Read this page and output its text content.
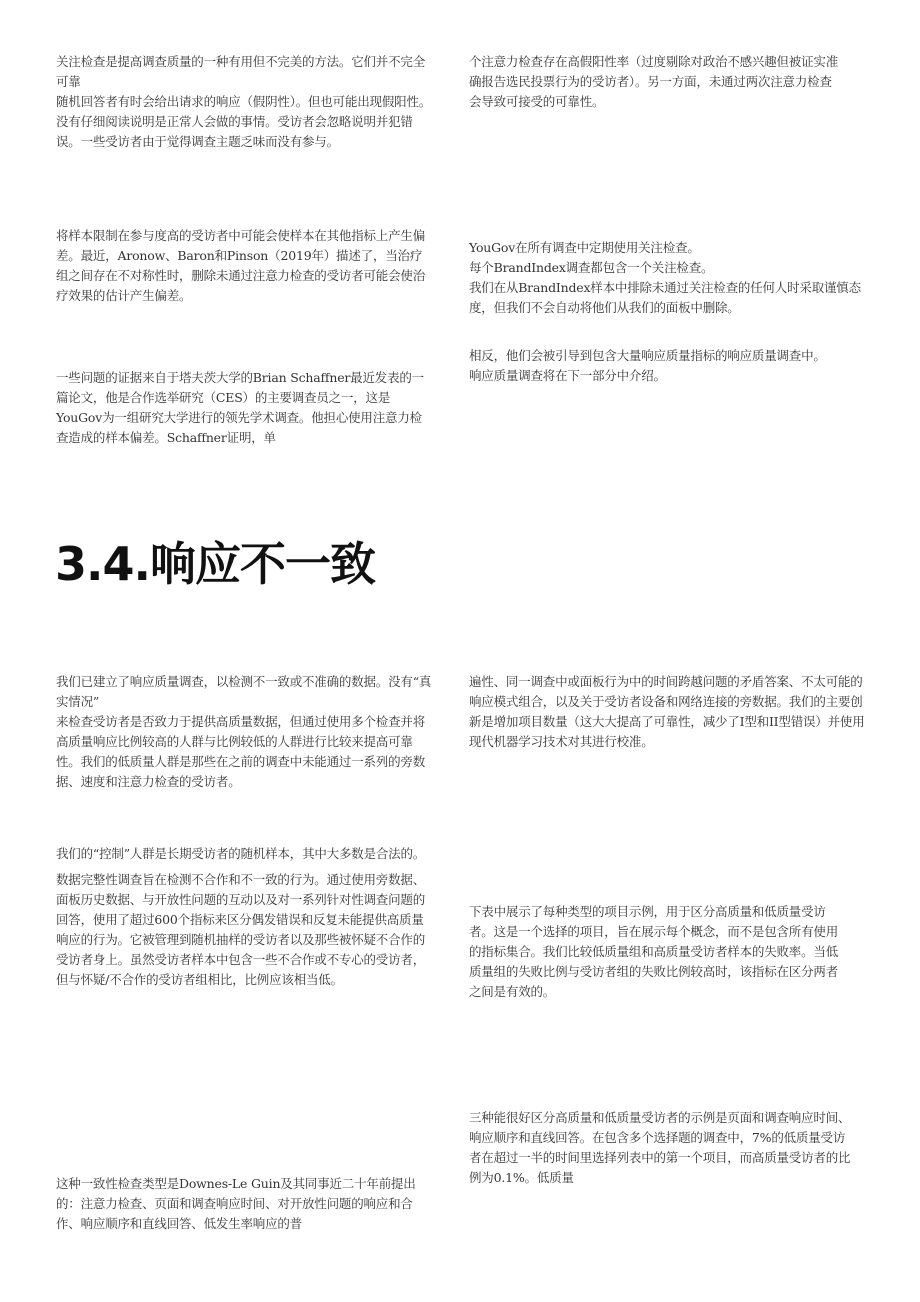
关注检查是提高调查质量的一种有用但不完美的方法。它们并不完全可靠

随机回答者有时会给出请求的响应（假阴性）。但也可能出现假阳性。没有仔细阅读说明是正常人会做的事情。受访者会忽略说明并犯错误。一些受访者由于觉得调查主题乏味而没有参与。

个注意力检查存在高假阳性率（过度剔除对政治不感兴趣但被证实准确报告选民投票行为的受访者）。另一方面，未通过两次注意力检查会导致可接受的可靠性。

将样本限制在参与度高的受访者中可能会使样本在其他指标上产生偏差。最近，Aronow、Baron和Pinson（2019年）描述了，当治疗组之间存在不对称性时，删除未通过注意力检查的受访者可能会使治疗效果的估计产生偏差。

YouGov在所有调查中定期使用关注检查。

每个BrandIndex调查都包含一个关注检查。

我们在从BrandIndex样本中排除未通过关注检查的任何人时采取谨慎态度，但我们不会自动将他们从我们的面板中删除。

一些问题的证据来自于塔夫茨大学的Brian Schaffner最近发表的一篇论文，他是合作选举研究（CES）的主要调查员之一，这是YouGov为一组研究大学进行的领先学术调查。他担心使用注意力检查造成的样本偏差。Schaffner证明，单

相反，他们会被引导到包含大量响应质量指标的响应质量调查中。

响应质量调查将在下一部分中介绍。

3.4.响应不一致

我们已建立了响应质量调查，以检测不一致或不准确的数据。没有“真实情况”

来检查受访者是否致力于提供高质量数据，但通过使用多个检查并将高质量响应比例较高的人群与比例较低的人群进行比较来提高可靠性。我们的低质量人群是那些在之前的调查中未能通过一系列的旁数据、速度和注意力检查的受访者。

遍性、同一调查中或面板行为中的时间跨越问题的矛盾答案、不太可能的响应模式组合，以及关于受访者设备和网络连接的旁数据。我们的主要创新是增加项目数量（这大大提高了可靠性，减少了I型和II型错误）并使用现代机器学习技术对其进行校准。

我们的“控制”人群是长期受访者的随机样本，其中大多数是合法的。

数据完整性调查旨在检测不合作和不一致的行为。通过使用旁数据、面板历史数据、与开放性问题的互动以及对一系列针对性调查问题的回答，使用了超过600个指标来区分偶发错误和反复未能提供高质量响应的行为。它被管理到随机抽样的受访者以及那些被怀疑不合作的受访者身上。虽然受访者样本中包含一些不合作或不专心的受访者，但与怀疑/不合作的受访者组相比，比例应该相当低。

下表中展示了每种类型的项目示例，用于区分高质量和低质量受访者。这是一个选择的项目，旨在展示每个概念，而不是包含所有使用的指标集合。我们比较低质量组和高质量受访者样本的失败率。当低质量组的失败比例与受访者组的失败比例较高时，该指标在区分两者之间是有效的。

这种一致性检查类型是Downes-Le Guin及其同事近二十年前提出的：注意力检查、页面和调查响应时间、对开放性问题的响应和合作、响应顺序和直线回答、低发生率响应的普

三种能很好区分高质量和低质量受访者的示例是页面和调查响应时间、响应顺序和直线回答。在包含多个选择题的调查中，7%的低质量受访者在超过一半的时间里选择列表中的第一个项目，而高质量受访者的比例为0.1%。低质量
